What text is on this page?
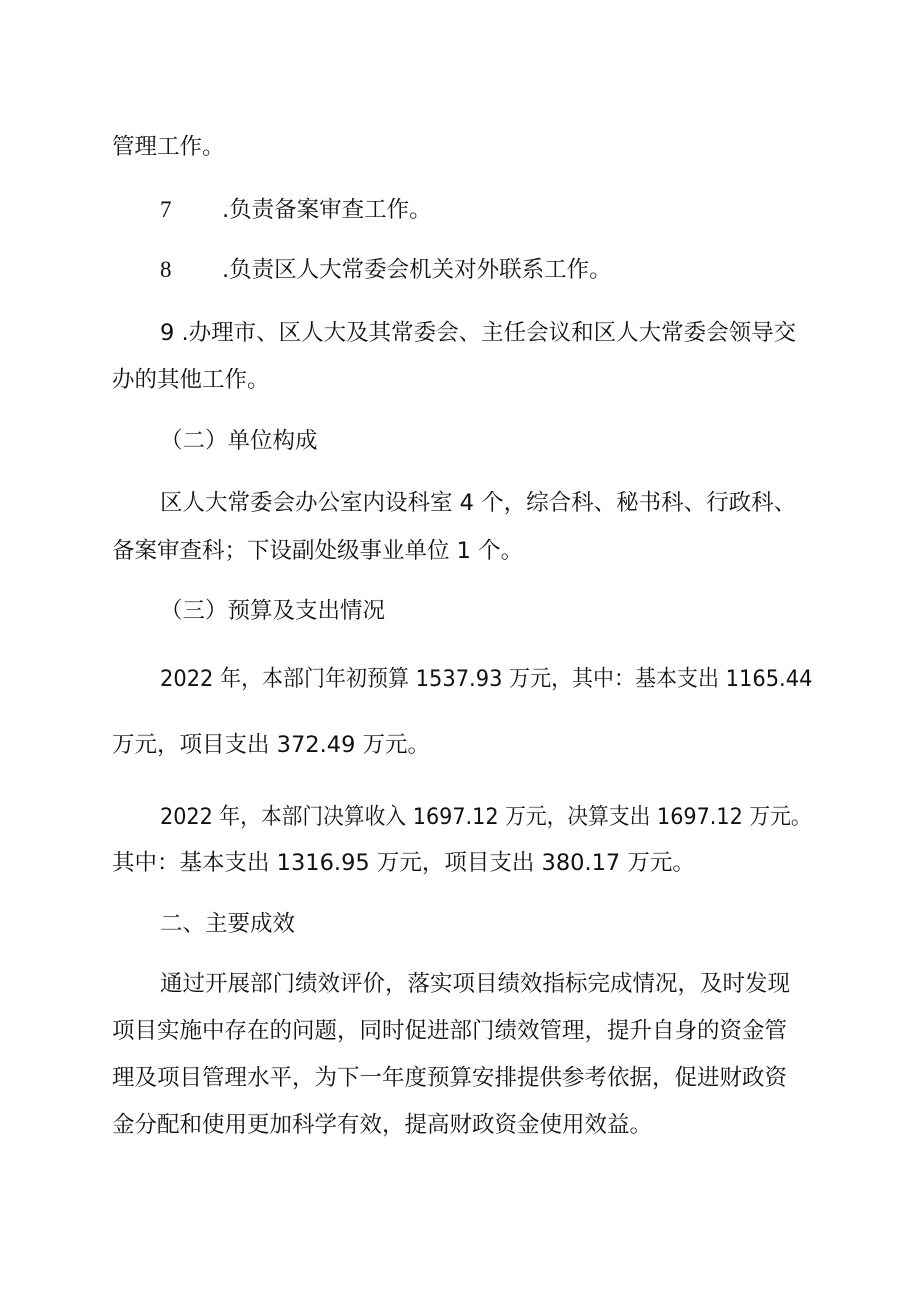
管理工作。
7 .负责备案审查工作。
8 .负责区人大常委会机关对外联系工作。
9 .办理市、区人大及其常委会、主任会议和区人大常委会领导交
办的其他工作。
（二）单位构成
区人大常委会办公室内设科室 4 个，综合科、秘书科、行政科、
备案审查科；下设副处级事业单位 1 个。
（三）预算及支出情况
2022 年，本部门年初预算 1537.93 万元，其中：基本支出 1165.44
万元，项目支出 372.49 万元。
2022 年，本部门决算收入 1697.12 万元，决算支出 1697.12 万元。
其中：基本支出 1316.95 万元，项目支出 380.17 万元。
二、主要成效
通过开展部门绩效评价，落实项目绩效指标完成情况，及时发现
项目实施中存在的问题，同时促进部门绩效管理，提升自身的资金管
理及项目管理水平，为下一年度预算安排提供参考依据，促进财政资
金分配和使用更加科学有效，提高财政资金使用效益。
